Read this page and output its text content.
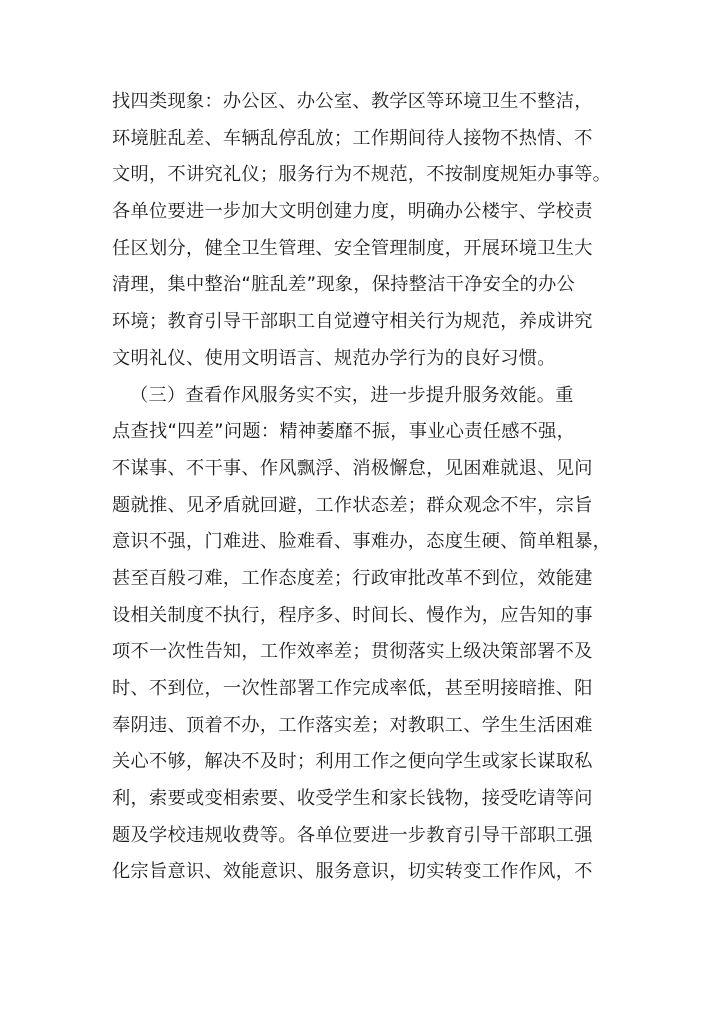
找四类现象：办公区、办公室、教学区等环境卫生不整洁，
环境脏乱差、车辆乱停乱放；工作期间待人接物不热情、不
文明，不讲究礼仪；服务行为不规范，不按制度规矩办事等。
各单位要进一步加大文明创建力度，明确办公楼宇、学校责
任区划分，健全卫生管理、安全管理制度，开展环境卫生大
清理，集中整治“脏乱差”现象，保持整洁干净安全的办公
环境；教育引导干部职工自觉遵守相关行为规范，养成讲究
文明礼仪、使用文明语言、规范办学行为的良好习惯。
（三）查看作风服务实不实，进一步提升服务效能。重
点查找“四差”问题：精神萎靡不振，事业心责任感不强，
不谋事、不干事、作风飘浮、消极懈怠，见困难就退、见问
题就推、见矛盾就回避，工作状态差；群众观念不牢，宗旨
意识不强，门难进、脸难看、事难办，态度生硬、简单粗暴，
甚至百般刁难，工作态度差；行政审批改革不到位，效能建
设相关制度不执行，程序多、时间长、慢作为，应告知的事
项不一次性告知，工作效率差；贯彻落实上级决策部署不及
时、不到位，一次性部署工作完成率低，甚至明接暗推、阳
奉阴违、顶着不办，工作落实差；对教职工、学生生活困难
关心不够，解决不及时；利用工作之便向学生或家长谋取私
利，索要或变相索要、收受学生和家长钱物，接受吃请等问
题及学校违规收费等。各单位要进一步教育引导干部职工强
化宗旨意识、效能意识、服务意识，切实转变工作作风，不
